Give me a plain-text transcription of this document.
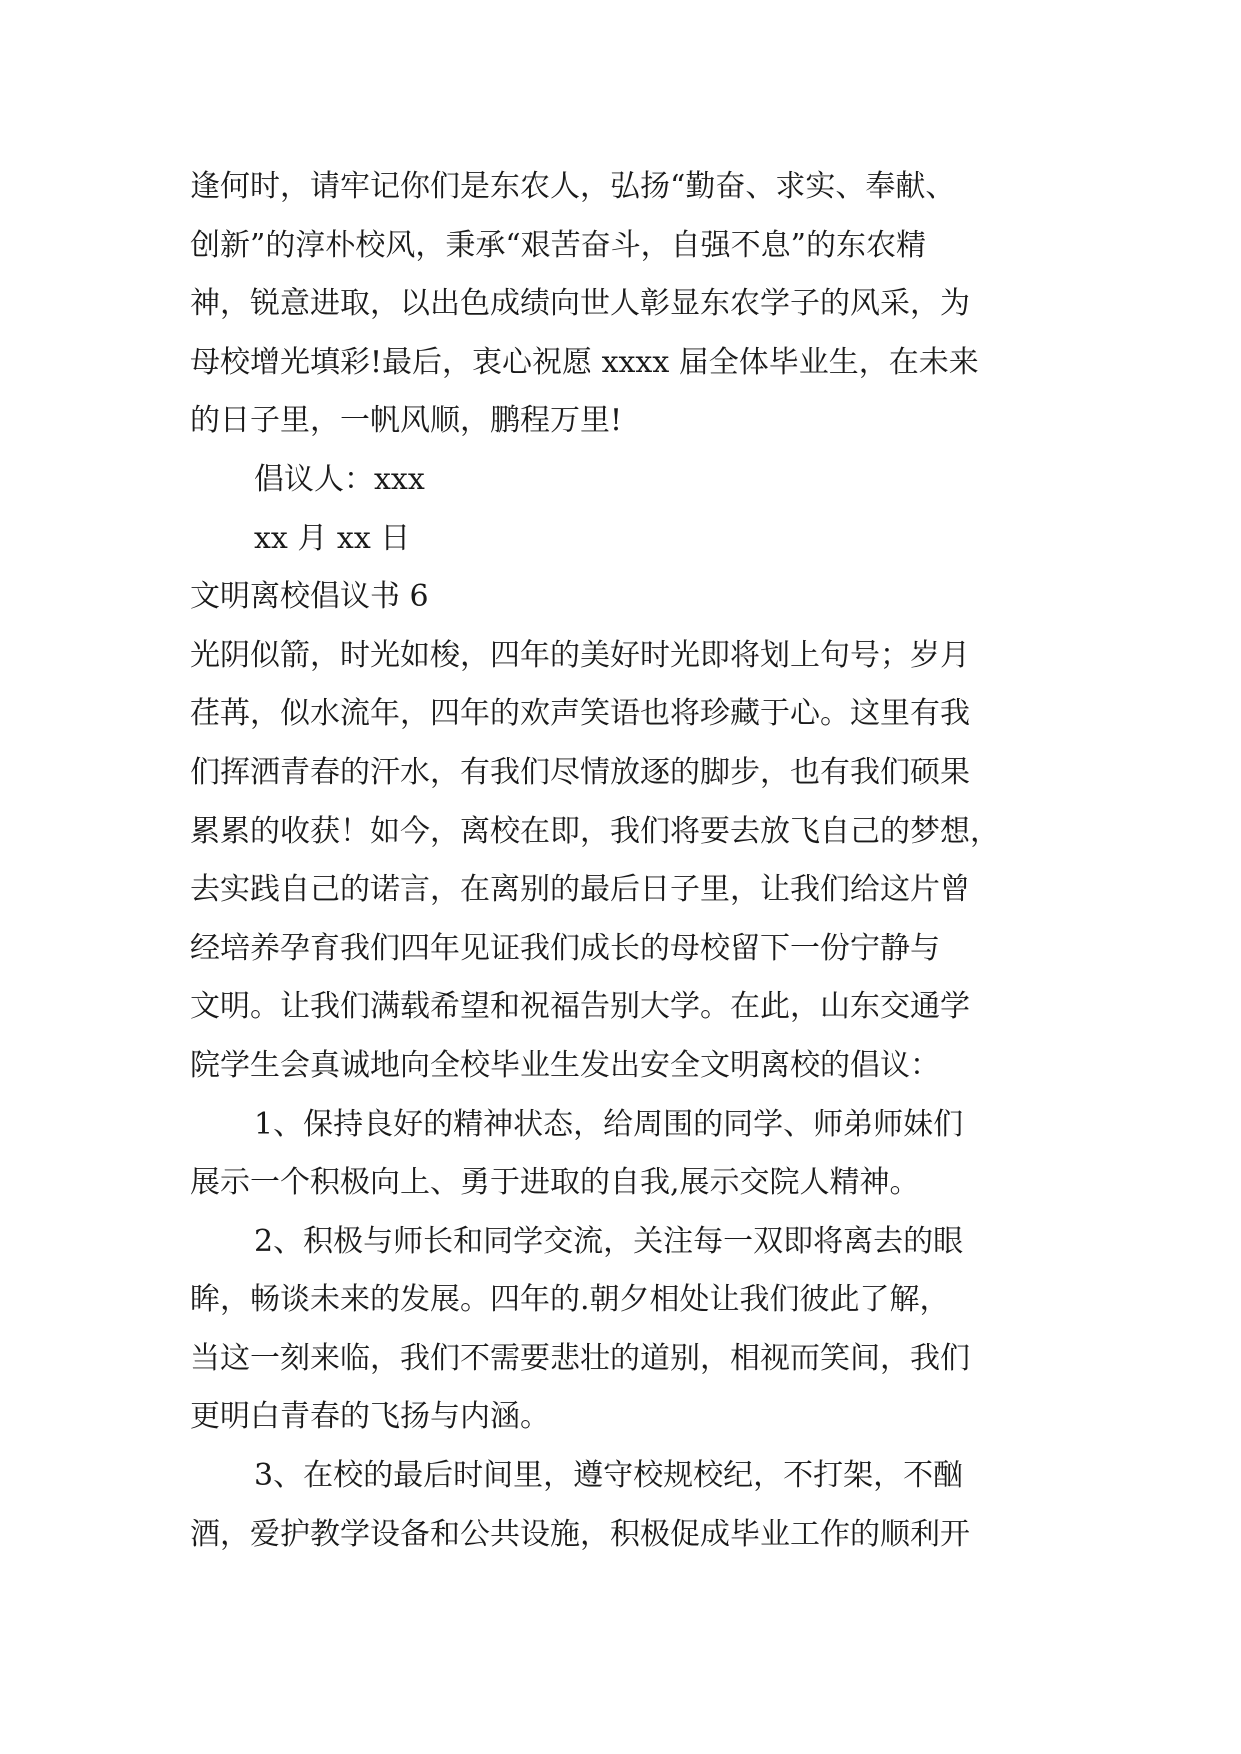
逢何时，请牢记你们是东农人，弘扬“勤奋、求实、奉献、
创新”的淳朴校风，秉承“艰苦奋斗，自强不息”的东农精
神，锐意进取，以出色成绩向世人彰显东农学子的风采，为
母校增光填彩!最后，衷心祝愿 xxxx 届全体毕业生，在未来
的日子里，一帆风顺，鹏程万里!
倡议人：xxx
xx 月 xx 日
文明离校倡议书 6
光阴似箭，时光如梭，四年的美好时光即将划上句号；岁月
荏苒，似水流年，四年的欢声笑语也将珍藏于心。这里有我
们挥洒青春的汗水，有我们尽情放逐的脚步，也有我们硕果
累累的收获！如今，离校在即，我们将要去放飞自己的梦想，
去实践自己的诺言，在离别的最后日子里，让我们给这片曾
经培养孕育我们四年见证我们成长的母校留下一份宁静与
文明。让我们满载希望和祝福告别大学。在此，山东交通学
院学生会真诚地向全校毕业生发出安全文明离校的倡议：
1、保持良好的精神状态，给周围的同学、师弟师妹们
展示一个积极向上、勇于进取的自我,展示交院人精神。
2、积极与师长和同学交流，关注每一双即将离去的眼
眸，畅谈未来的发展。四年的.朝夕相处让我们彼此了解，
当这一刻来临，我们不需要悲壮的道别，相视而笑间，我们
更明白青春的飞扬与内涵。
3、在校的最后时间里，遵守校规校纪，不打架，不酗
酒，爱护教学设备和公共设施，积极促成毕业工作的顺利开
